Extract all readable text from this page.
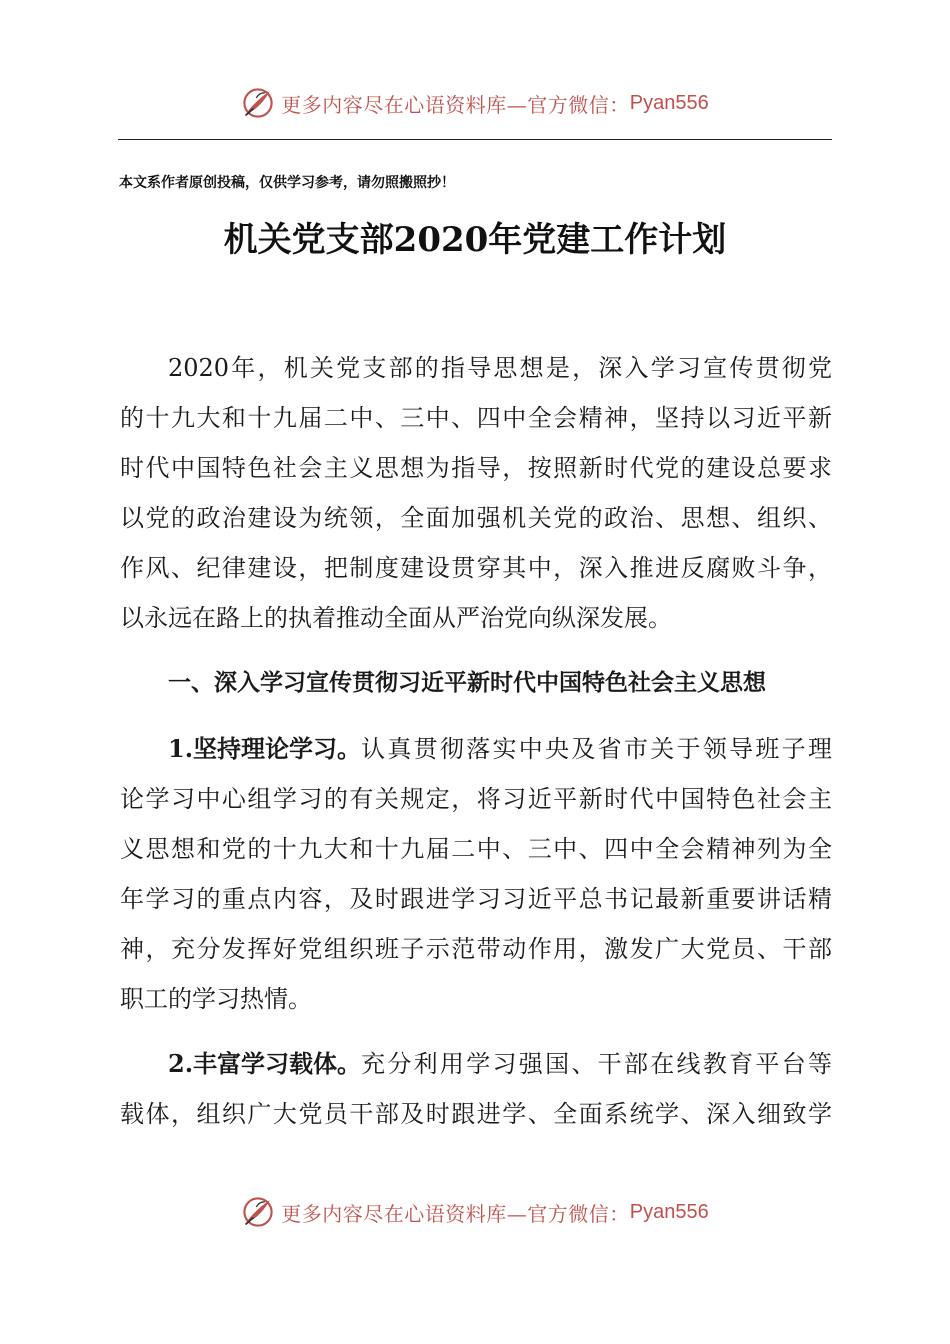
更多内容尽在心语资料库—官方微信： Pyan556
本文系作者原创投稿，仅供学习参考，请勿照搬照抄！
机关党支部2020年党建工作计划
2020年，机关党支部的指导思想是，深入学习宣传贯彻党
的十九大和十九届二中、三中、四中全会精神，坚持以习近平新
时代中国特色社会主义思想为指导，按照新时代党的建设总要求
以党的政治建设为统领，全面加强机关党的政治、思想、组织、
作风、纪律建设，把制度建设贯穿其中，深入推进反腐败斗争，
以永远在路上的执着推动全面从严治党向纵深发展。
一、深入学习宣传贯彻习近平新时代中国特色社会主义思想
1.坚持理论学习。 认真贯彻落实中央及省市关于领导班子理
论学习中心组学习的有关规定，将习近平新时代中国特色社会主
义思想和党的十九大和十九届二中、三中、四中全会精神列为全
年学习的重点内容，及时跟进学习习近平总书记最新重要讲话精
神，充分发挥好党组织班子示范带动作用，激发广大党员、干部
职工的学习热情。
2.丰富学习载体。 充分利用学习强国、干部在线教育平台等
载体，组织广大党员干部及时跟进学、全面系统学、深入细致学
更多内容尽在心语资料库—官方微信： Pyan556
